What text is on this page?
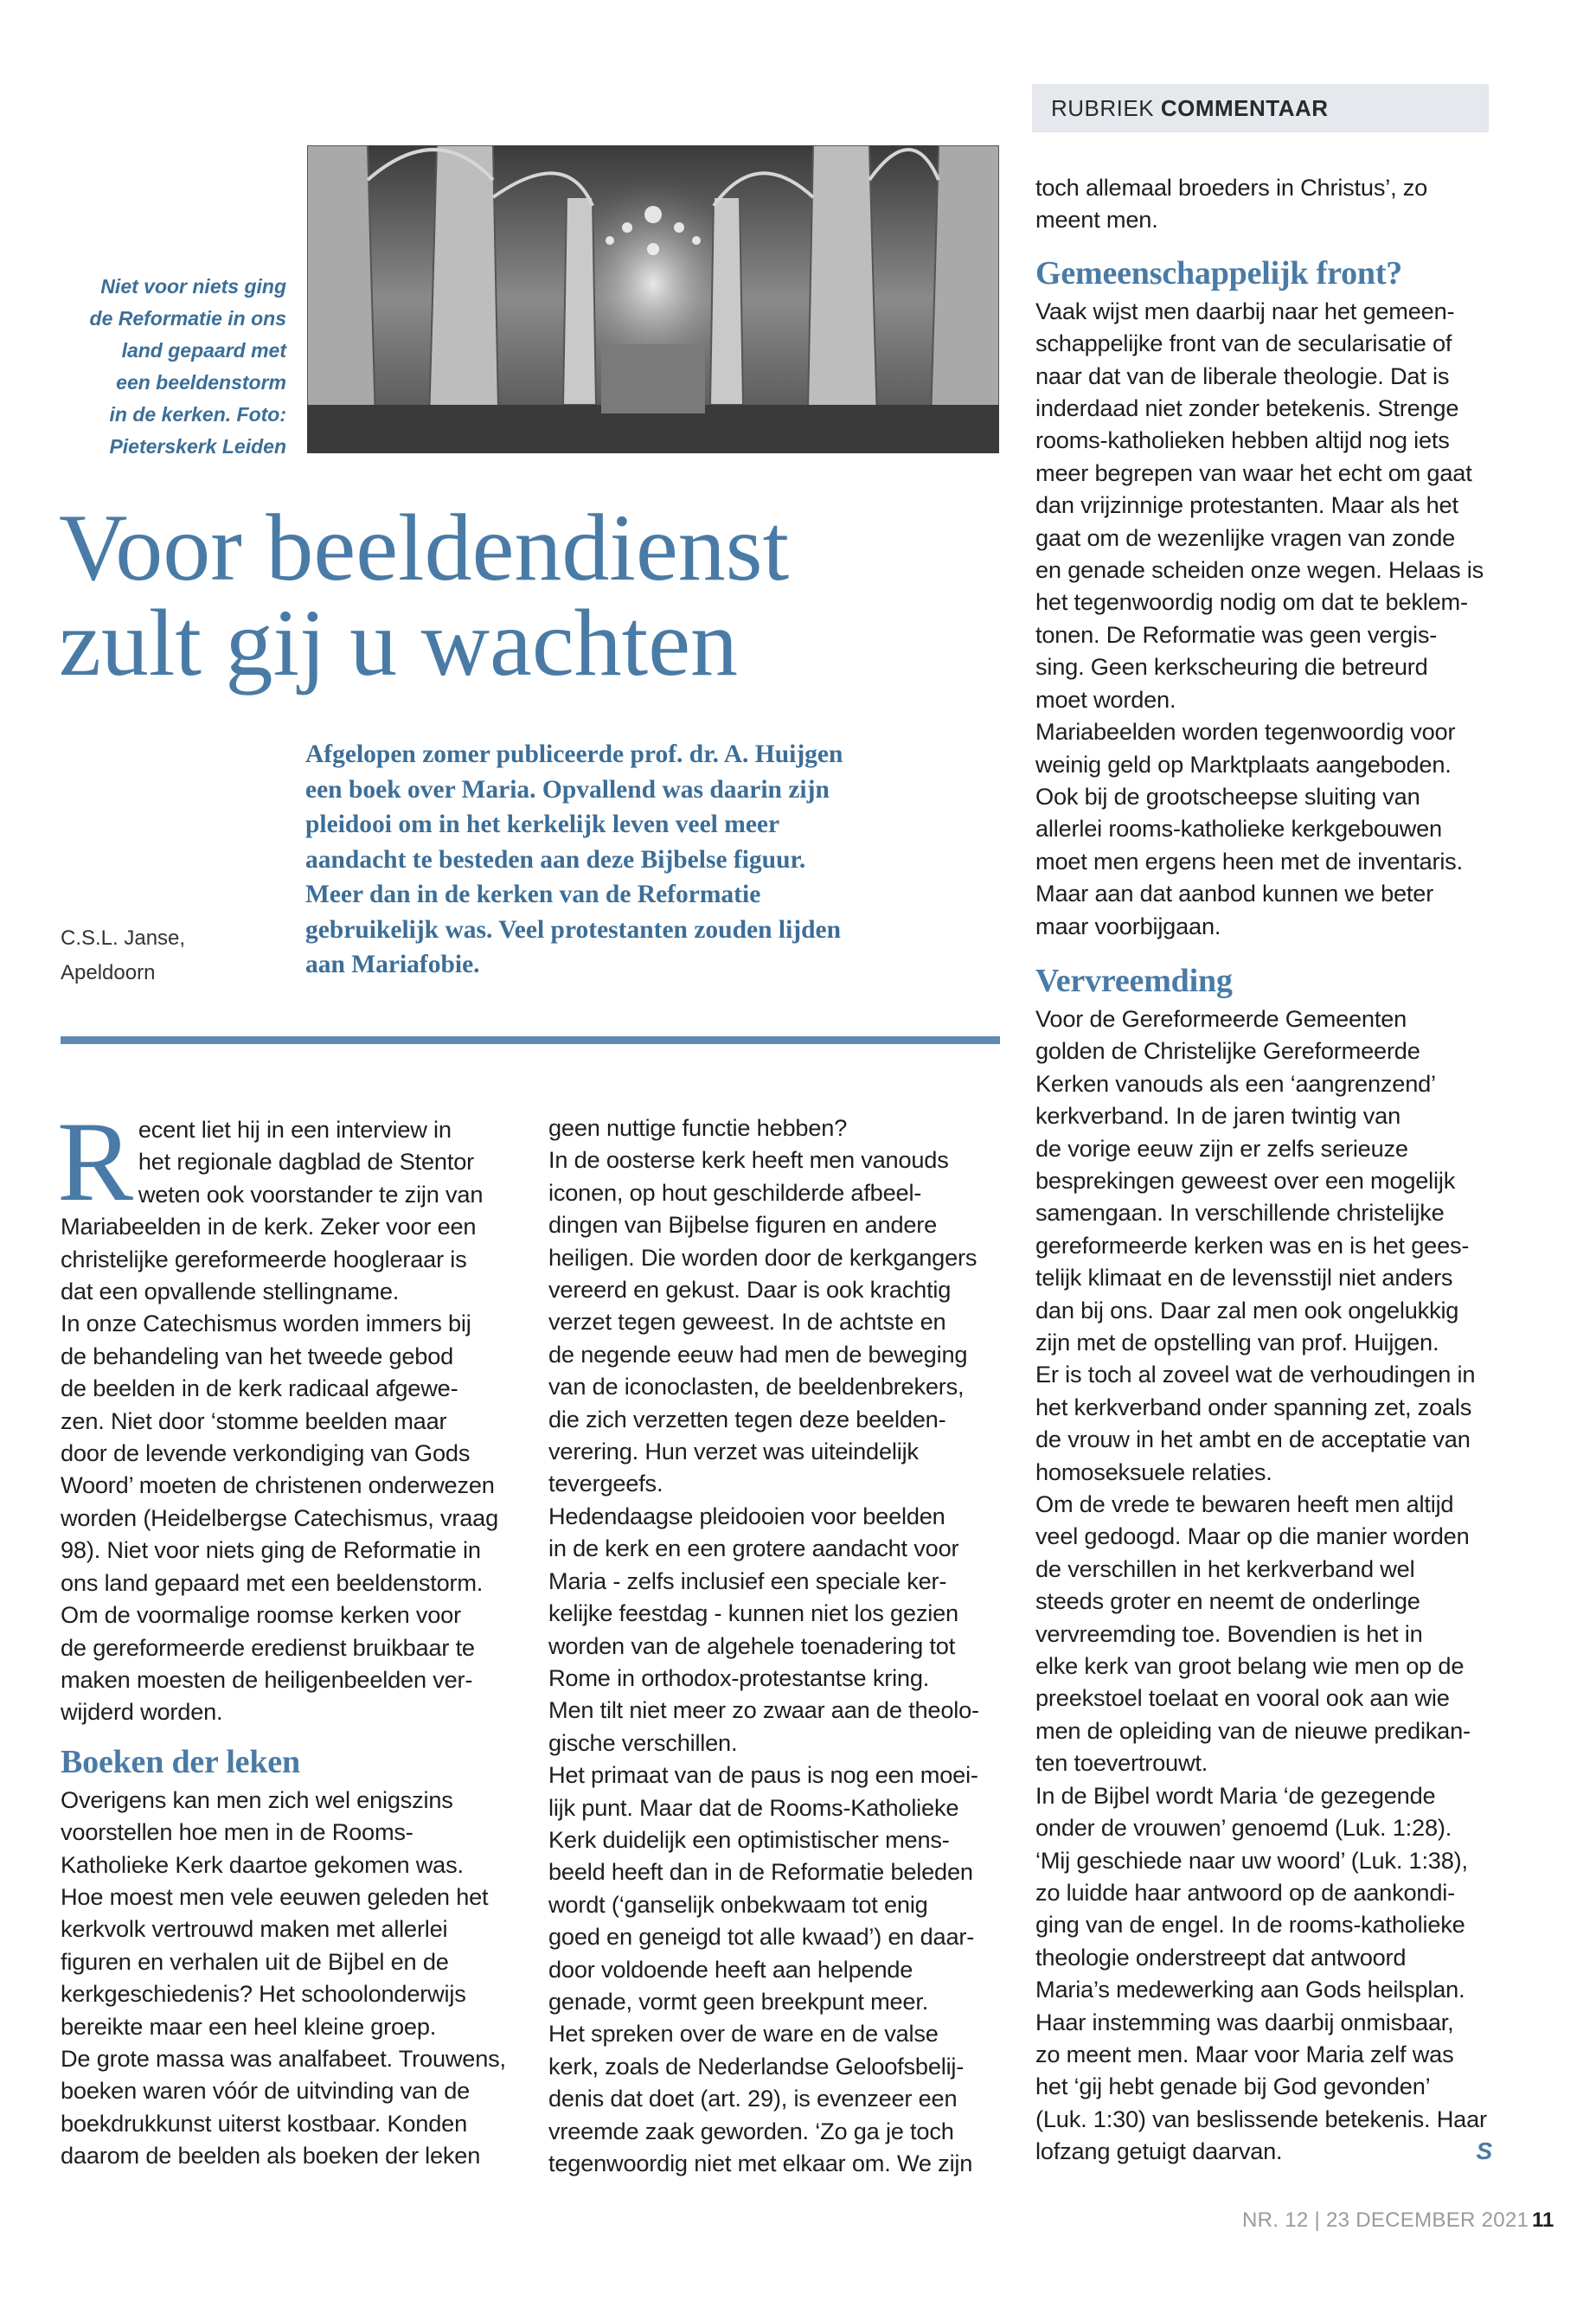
RUBRIEK COMMENTAAR
Niet voor niets ging
de Reformatie in ons
land gepaard met
een beeldenstorm
in de kerken. Foto:
Pieterskerk Leiden
Voor beeldendienst
zult gij u wachten
Afgelopen zomer publiceerde prof. dr. A. Huijgen
een boek over Maria. Opvallend was daarin zijn
pleidooi om in het kerkelijk leven veel meer
aandacht te besteden aan deze Bijbelse figuur.
Meer dan in de kerken van de Reformatie
gebruikelijk was. Veel protestanten zouden lijden
aan Mariafobie.
C.S.L. Janse,
Apeldoorn
R ecent liet hij in een interview in

het regionale dagblad de Stentor

weten ook voorstander te zijn van

Mariabeelden in de kerk. Zeker voor een

christelijke gereformeerde hoogleraar is

dat een opvallende stellingname.

In onze Catechismus worden immers bij

de behandeling van het tweede gebod

de beelden in de kerk radicaal afgewe-

zen. Niet door ‘stomme beelden maar

door de levende verkondiging van Gods

Woord’ moeten de christenen onderwezen

worden (Heidelbergse Catechismus, vraag

98). Niet voor niets ging de Reformatie in

ons land gepaard met een beeldenstorm.

Om de voormalige roomse kerken voor

de gereformeerde eredienst bruikbaar te

maken moesten de heiligenbeelden ver-

wijderd worden.

Boeken der leken

Overigens kan men zich wel enigszins

voorstellen hoe men in de Rooms-

Katholieke Kerk daartoe gekomen was.

Hoe moest men vele eeuwen geleden het

kerkvolk vertrouwd maken met allerlei

figuren en verhalen uit de Bijbel en de

kerkgeschiedenis? Het schoolonderwijs

bereikte maar een heel kleine groep.

De grote massa was analfabeet. Trouwens,

boeken waren vóór de uitvinding van de

boekdrukkunst uiterst kostbaar. Konden

daarom de beelden als boeken der leken

geen nuttige functie hebben?

In de oosterse kerk heeft men vanouds

iconen, op hout geschilderde afbeel-

dingen van Bijbelse figuren en andere

heiligen. Die worden door de kerkgangers

vereerd en gekust. Daar is ook krachtig

verzet tegen geweest. In de achtste en

de negende eeuw had men de beweging

van de iconoclasten, de beeldenbrekers,

die zich verzetten tegen deze beelden-

verering. Hun verzet was uiteindelijk

tevergeefs.

Hedendaagse pleidooien voor beelden

in de kerk en een grotere aandacht voor

Maria - zelfs inclusief een speciale ker-

kelijke feestdag - kunnen niet los gezien

worden van de algehele toenadering tot

Rome in orthodox-protestantse kring.

Men tilt niet meer zo zwaar aan de theolo-

gische verschillen.

Het primaat van de paus is nog een moei-

lijk punt. Maar dat de Rooms-Katholieke

Kerk duidelijk een optimistischer mens-

beeld heeft dan in de Reformatie beleden

wordt (‘ganselijk onbekwaam tot enig

goed en geneigd tot alle kwaad’) en daar-

door voldoende heeft aan helpende

genade, vormt geen breekpunt meer.

Het spreken over de ware en de valse

kerk, zoals de Nederlandse Geloofsbelij-

denis dat doet (art. 29), is evenzeer een

vreemde zaak geworden. ‘Zo ga je toch

tegenwoordig niet met elkaar om. We zijn

toch allemaal broeders in Christus’, zo

meent men.

Gemeenschappelijk front?

Vaak wijst men daarbij naar het gemeen-

schappelijke front van de secularisatie of

naar dat van de liberale theologie. Dat is

inderdaad niet zonder betekenis. Strenge

rooms-katholieken hebben altijd nog iets

meer begrepen van waar het echt om gaat

dan vrijzinnige protestanten. Maar als het

gaat om de wezenlijke vragen van zonde

en genade scheiden onze wegen. Helaas is

het tegenwoordig nodig om dat te beklem-

tonen. De Reformatie was geen vergis-

sing. Geen kerkscheuring die betreurd

moet worden.

Mariabeelden worden tegenwoordig voor

weinig geld op Marktplaats aangeboden.

Ook bij de grootscheepse sluiting van

allerlei rooms-katholieke kerkgebouwen

moet men ergens heen met de inventaris.

Maar aan dat aanbod kunnen we beter

maar voorbijgaan.

Vervreemding

Voor de Gereformeerde Gemeenten

golden de Christelijke Gereformeerde

Kerken vanouds als een ‘aangrenzend’

kerkverband. In de jaren twintig van

de vorige eeuw zijn er zelfs serieuze

besprekingen geweest over een mogelijk

samengaan. In verschillende christelijke

gereformeerde kerken was en is het gees-

telijk klimaat en de levensstijl niet anders

dan bij ons. Daar zal men ook ongelukkig

zijn met de opstelling van prof. Huijgen.

Er is toch al zoveel wat de verhoudingen in

het kerkverband onder spanning zet, zoals

de vrouw in het ambt en de acceptatie van

homoseksuele relaties.

Om de vrede te bewaren heeft men altijd

veel gedoogd. Maar op die manier worden

de verschillen in het kerkverband wel

steeds groter en neemt de onderlinge

vervreemding toe. Bovendien is het in

elke kerk van groot belang wie men op de

preekstoel toelaat en vooral ook aan wie

men de opleiding van de nieuwe predikan-

ten toevertrouwt.

In de Bijbel wordt Maria ‘de gezegende

onder de vrouwen’ genoemd (Luk. 1:28).

‘Mij geschiede naar uw woord’ (Luk. 1:38),

zo luidde haar antwoord op de aankondi-

ging van de engel. In de rooms-katholieke

theologie onderstreept dat antwoord

Maria’s medewerking aan Gods heilsplan.

Haar instemming was daarbij onmisbaar,

zo meent men. Maar voor Maria zelf was

het ‘gij hebt genade bij God gevonden’

(Luk. 1:30) van beslissende betekenis. Haar

lofzang getuigt daarvan.	S

NR. 12 | 23 DECEMBER 2021 11
